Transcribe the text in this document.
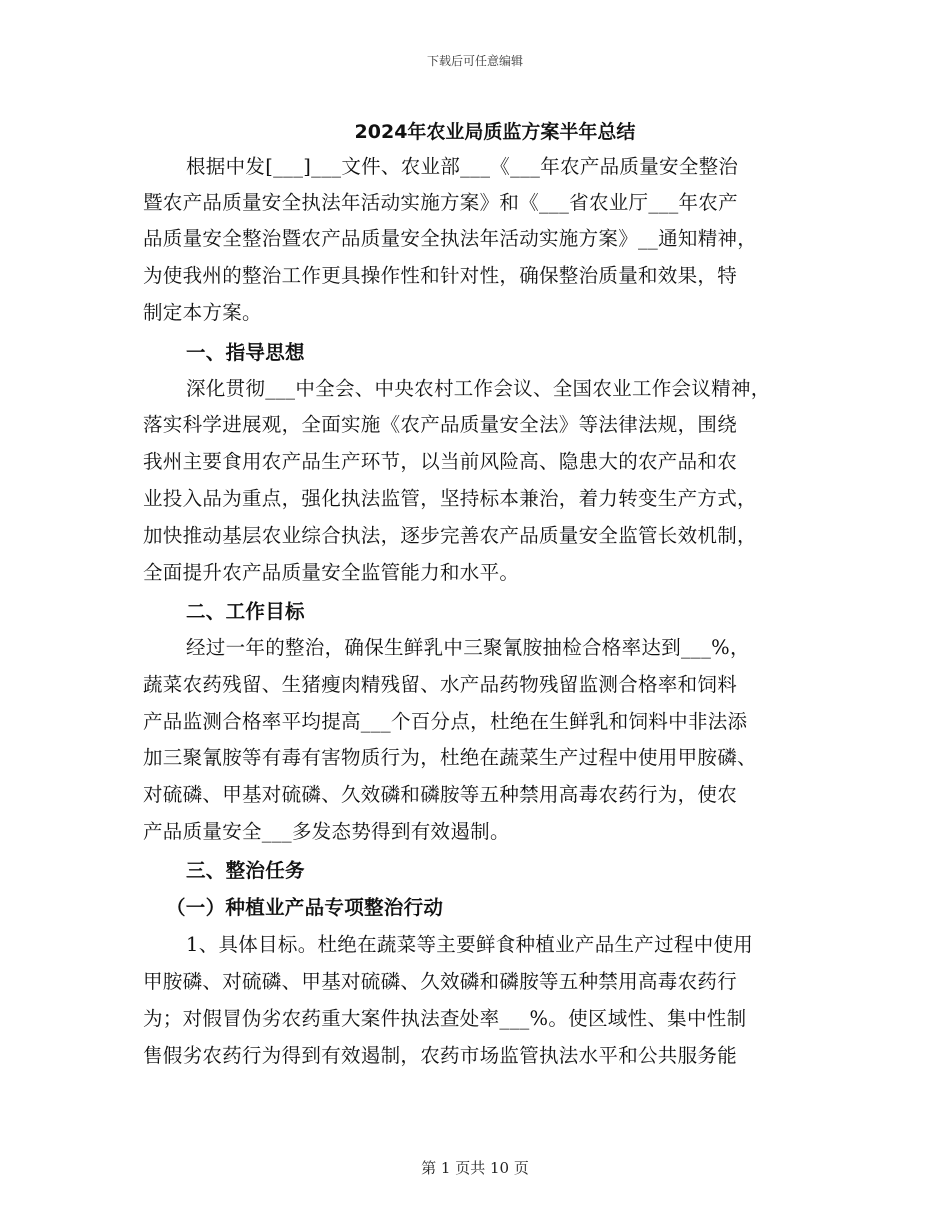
下载后可任意编辑
2024年农业局质监方案半年总结
根据中发[___]___文件、农业部___《___年农产品质量安全整治
暨农产品质量安全执法年活动实施方案》和《___省农业厅___年农产
品质量安全整治暨农产品质量安全执法年活动实施方案》__通知精神，
为使我州的整治工作更具操作性和针对性，确保整治质量和效果，特
制定本方案。
一、指导思想
深化贯彻___中全会、中央农村工作会议、全国农业工作会议精神，
落实科学进展观，全面实施《农产品质量安全法》等法律法规，围绕
我州主要食用农产品生产环节，以当前风险高、隐患大的农产品和农
业投入品为重点，强化执法监管，坚持标本兼治，着力转变生产方式，
加快推动基层农业综合执法，逐步完善农产品质量安全监管长效机制，
全面提升农产品质量安全监管能力和水平。
二、工作目标
经过一年的整治，确保生鲜乳中三聚氰胺抽检合格率达到___%，
蔬菜农药残留、生猪瘦肉精残留、水产品药物残留监测合格率和饲料
产品监测合格率平均提高___个百分点，杜绝在生鲜乳和饲料中非法添
加三聚氰胺等有毒有害物质行为，杜绝在蔬菜生产过程中使用甲胺磷、
对硫磷、甲基对硫磷、久效磷和磷胺等五种禁用高毒农药行为，使农
产品质量安全___多发态势得到有效遏制。
三、整治任务
（一）种植业产品专项整治行动
1、具体目标。杜绝在蔬菜等主要鲜食种植业产品生产过程中使用
甲胺磷、对硫磷、甲基对硫磷、久效磷和磷胺等五种禁用高毒农药行
为；对假冒伪劣农药重大案件执法查处率___%。使区域性、集中性制
售假劣农药行为得到有效遏制，农药市场监管执法水平和公共服务能
第 1 页共 10 页
